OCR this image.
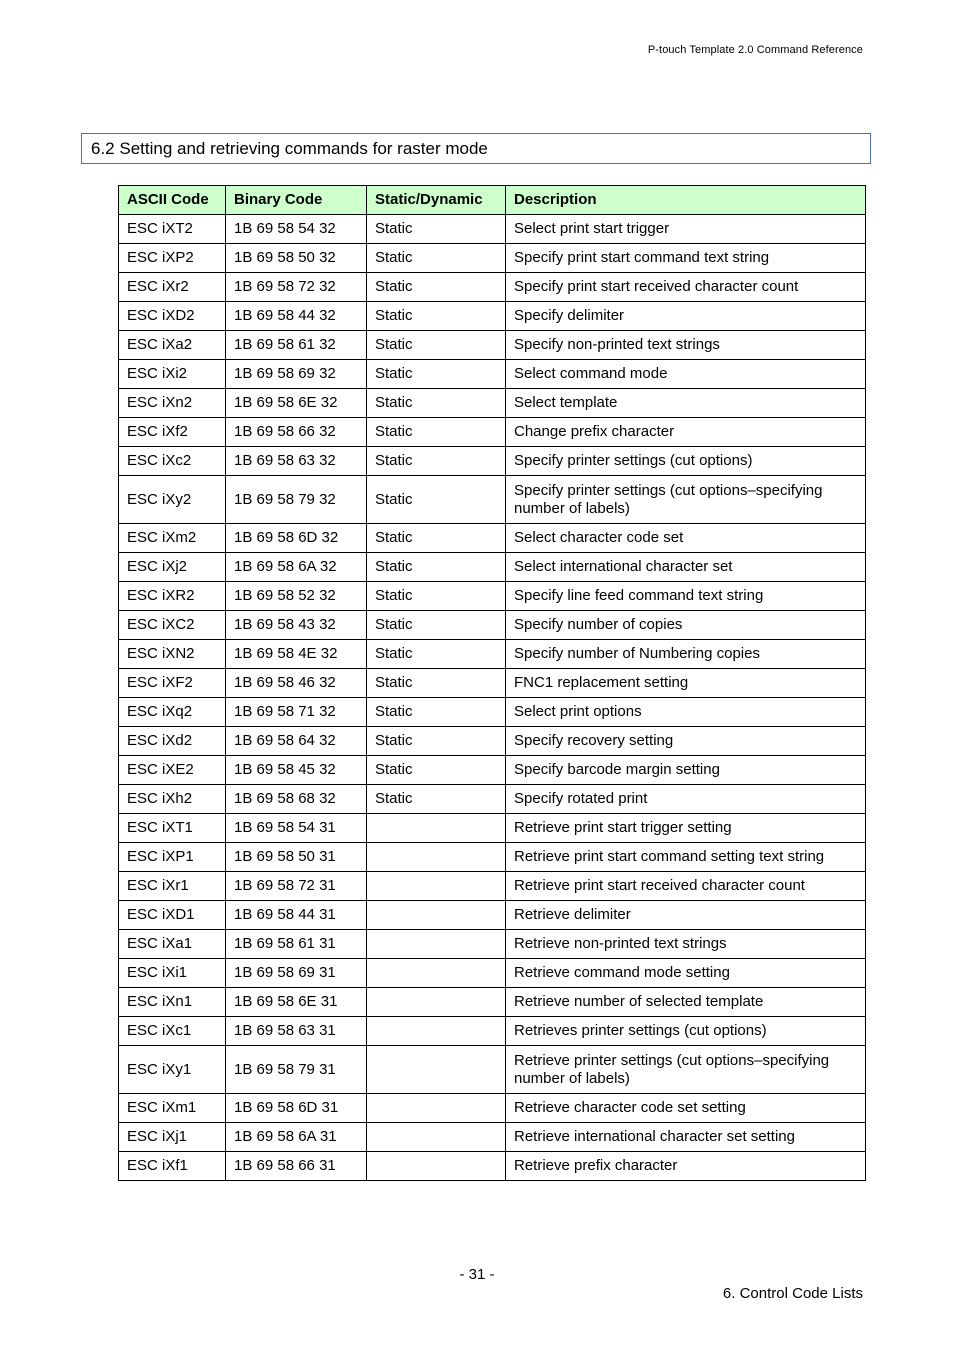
P-touch Template 2.0 Command Reference
6.2 Setting and retrieving commands for raster mode
ASCII Code	Binary Code	Static/Dynamic	Description
ESC iXT2	1B 69 58 54 32	Static	Select print start trigger
ESC iXP2	1B 69 58 50 32	Static	Specify print start command text string
ESC iXr2	1B 69 58 72 32	Static	Specify print start received character count
ESC iXD2	1B 69 58 44 32	Static	Specify delimiter
ESC iXa2	1B 69 58 61 32	Static	Specify non-printed text strings
ESC iXi2	1B 69 58 69 32	Static	Select command mode
ESC iXn2	1B 69 58 6E 32	Static	Select template
ESC iXf2	1B 69 58 66 32	Static	Change prefix character
ESC iXc2	1B 69 58 63 32	Static	Specify printer settings (cut options)
ESC iXy2	1B 69 58 79 32	Static	Specify printer settings (cut options–specifying number of labels)
ESC iXm2	1B 69 58 6D 32	Static	Select character code set
ESC iXj2	1B 69 58 6A 32	Static	Select international character set
ESC iXR2	1B 69 58 52 32	Static	Specify line feed command text string
ESC iXC2	1B 69 58 43 32	Static	Specify number of copies
ESC iXN2	1B 69 58 4E 32	Static	Specify number of Numbering copies
ESC iXF2	1B 69 58 46 32	Static	FNC1 replacement setting
ESC iXq2	1B 69 58 71 32	Static	Select print options
ESC iXd2	1B 69 58 64 32	Static	Specify recovery setting
ESC iXE2	1B 69 58 45 32	Static	Specify barcode margin setting
ESC iXh2	1B 69 58 68 32	Static	Specify rotated print
ESC iXT1	1B 69 58 54 31		Retrieve print start trigger setting
ESC iXP1	1B 69 58 50 31		Retrieve print start command setting text string
ESC iXr1	1B 69 58 72 31		Retrieve print start received character count
ESC iXD1	1B 69 58 44 31		Retrieve delimiter
ESC iXa1	1B 69 58 61 31		Retrieve non-printed text strings
ESC iXi1	1B 69 58 69 31		Retrieve command mode setting
ESC iXn1	1B 69 58 6E 31		Retrieve number of selected template
ESC iXc1	1B 69 58 63 31		Retrieves printer settings (cut options)
ESC iXy1	1B 69 58 79 31		Retrieve printer settings (cut options–specifying number of labels)
ESC iXm1	1B 69 58 6D 31		Retrieve character code set setting
ESC iXj1	1B 69 58 6A 31		Retrieve international character set setting
ESC iXf1	1B 69 58 66 31		Retrieve prefix character
- 31 -
6. Control Code Lists
